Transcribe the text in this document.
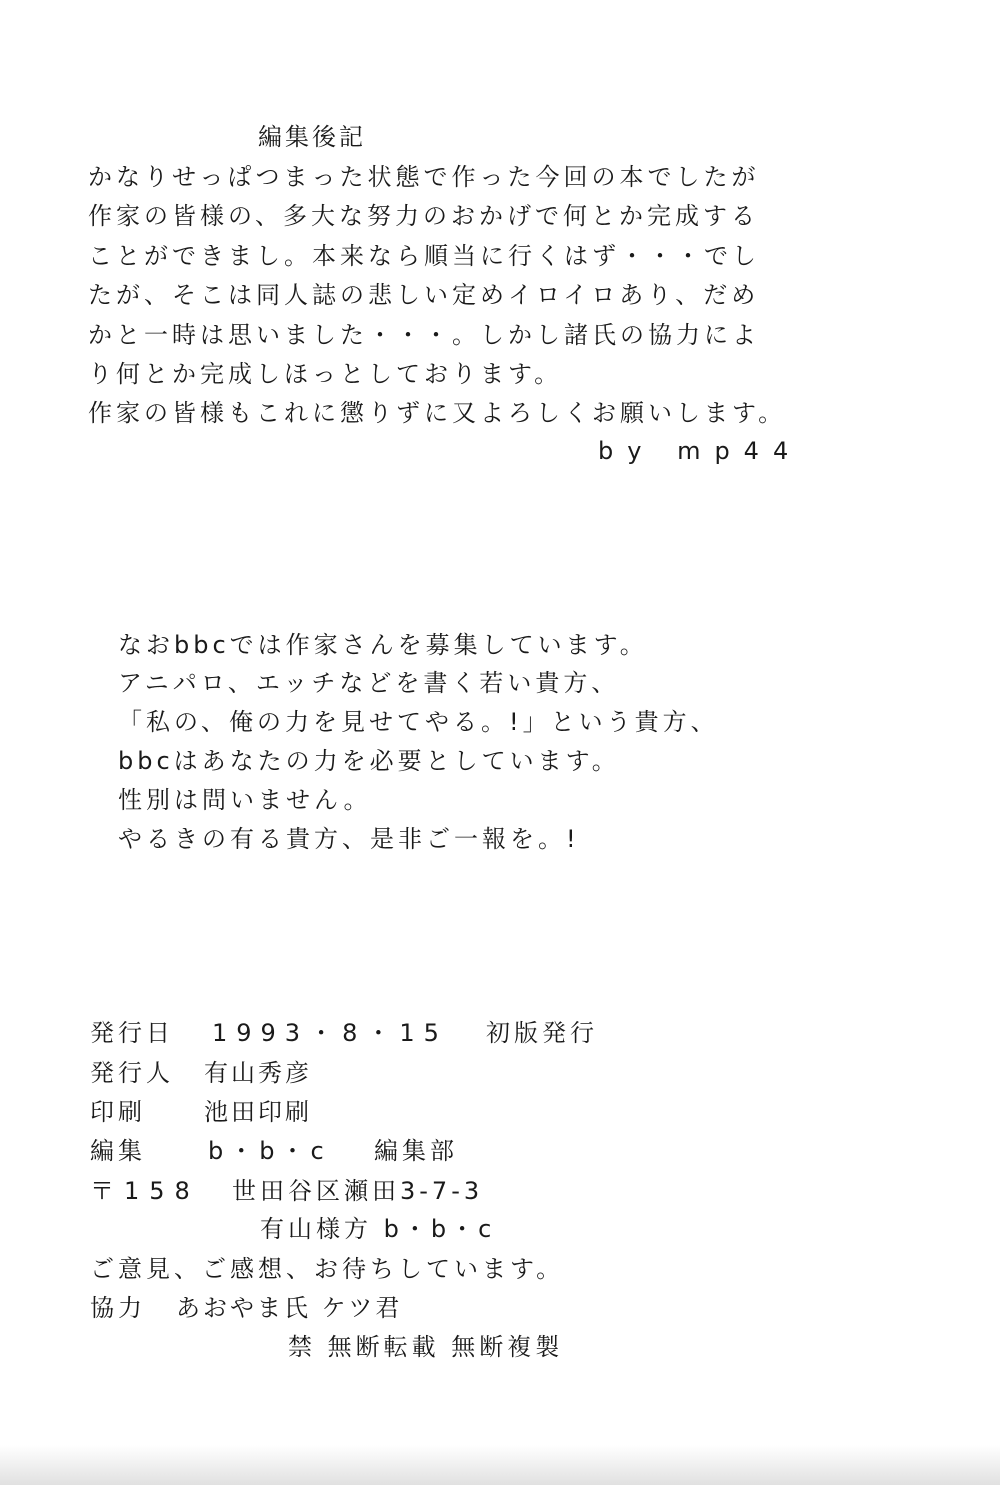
編集後記
かなりせっぱつまった状態で作った今回の本でしたが
作家の皆様の、多大な努力のおかげで何とか完成する
ことができまし。本来なら順当に行くはず・・・でし
たが、そこは同人誌の悲しい定めイロイロあり、だめ
かと一時は思いました・・・。しかし諸氏の協力によ
り何とか完成しほっとしております。
作家の皆様もこれに懲りずに又よろしくお願いします。
by mp44
なおbbcでは作家さんを募集しています。
アニパロ、エッチなどを書く若い貴方、
「私の、俺の力を見せてやる。!」という貴方、
bbcはあなたの力を必要としています。
性別は問いません。
やるきの有る貴方、是非ご一報を。!
発行日 1993・8・15 初版発行
発行人 有山秀彦
印刷 池田印刷
編集	b・b・c 編集部
〒158 世田谷区瀬田3-7-3
有山様方 b・b・c
ご意見、ご感想、お待ちしています。
協力 あおやま氏 ケツ君
禁 無断転載 無断複製
